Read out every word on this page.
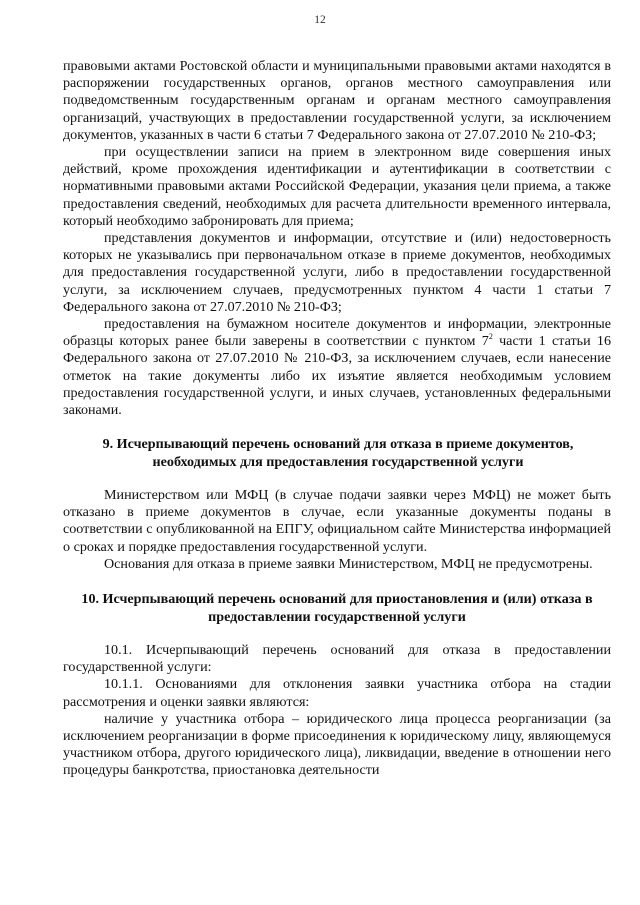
12

правовыми актами Ростовской области и муниципальными правовыми актами находятся в распоряжении государственных органов, органов местного самоуправления или подведомственным государственным органам и органам местного самоуправления организаций, участвующих в предоставлении государственной услуги, за исключением документов, указанных в части 6 статьи 7 Федерального закона от 27.07.2010 № 210-ФЗ;

при осуществлении записи на прием в электронном виде совершения иных действий, кроме прохождения идентификации и аутентификации в соответствии с нормативными правовыми актами Российской Федерации, указания цели приема, а также предоставления сведений, необходимых для расчета длительности временного интервала, который необходимо забронировать для приема;

представления документов и информации, отсутствие и (или) недостоверность которых не указывались при первоначальном отказе в приеме документов, необходимых для предоставления государственной услуги, либо в предоставлении государственной услуги, за исключением случаев, предусмотренных пунктом 4 части 1 статьи 7 Федерального закона от 27.07.2010 № 210-ФЗ;

предоставления на бумажном носителе документов и информации, электронные образцы которых ранее были заверены в соответствии с пунктом $7^2$ части 1 статьи 16 Федерального закона от 27.07.2010 № 210-ФЗ, за исключением случаев, если нанесение отметок на такие документы либо их изъятие является необходимым условием предоставления государственной услуги, и иных случаев, установленных федеральными законами.

9. Исчерпывающий перечень оснований для отказа в приеме документов, необходимых для предоставления государственной услуги

Министерством или МФЦ (в случае подачи заявки через МФЦ) не может быть отказано в приеме документов в случае, если указанные документы поданы в соответствии с опубликованной на ЕПГУ, официальном сайте Министерства информацией о сроках и порядке предоставления государственной услуги.

Основания для отказа в приеме заявки Министерством, МФЦ не предусмотрены.

10. Исчерпывающий перечень оснований для приостановления и (или) отказа в предоставлении государственной услуги

10.1. Исчерпывающий перечень оснований для отказа в предоставлении государственной услуги:

10.1.1. Основаниями для отклонения заявки участника отбора на стадии рассмотрения и оценки заявки являются:

наличие у участника отбора – юридического лица процесса реорганизации (за исключением реорганизации в форме присоединения к юридическому лицу, являющемуся участником отбора, другого юридического лица), ликвидации, введение в отношении него процедуры банкротства, приостановка деятельности
